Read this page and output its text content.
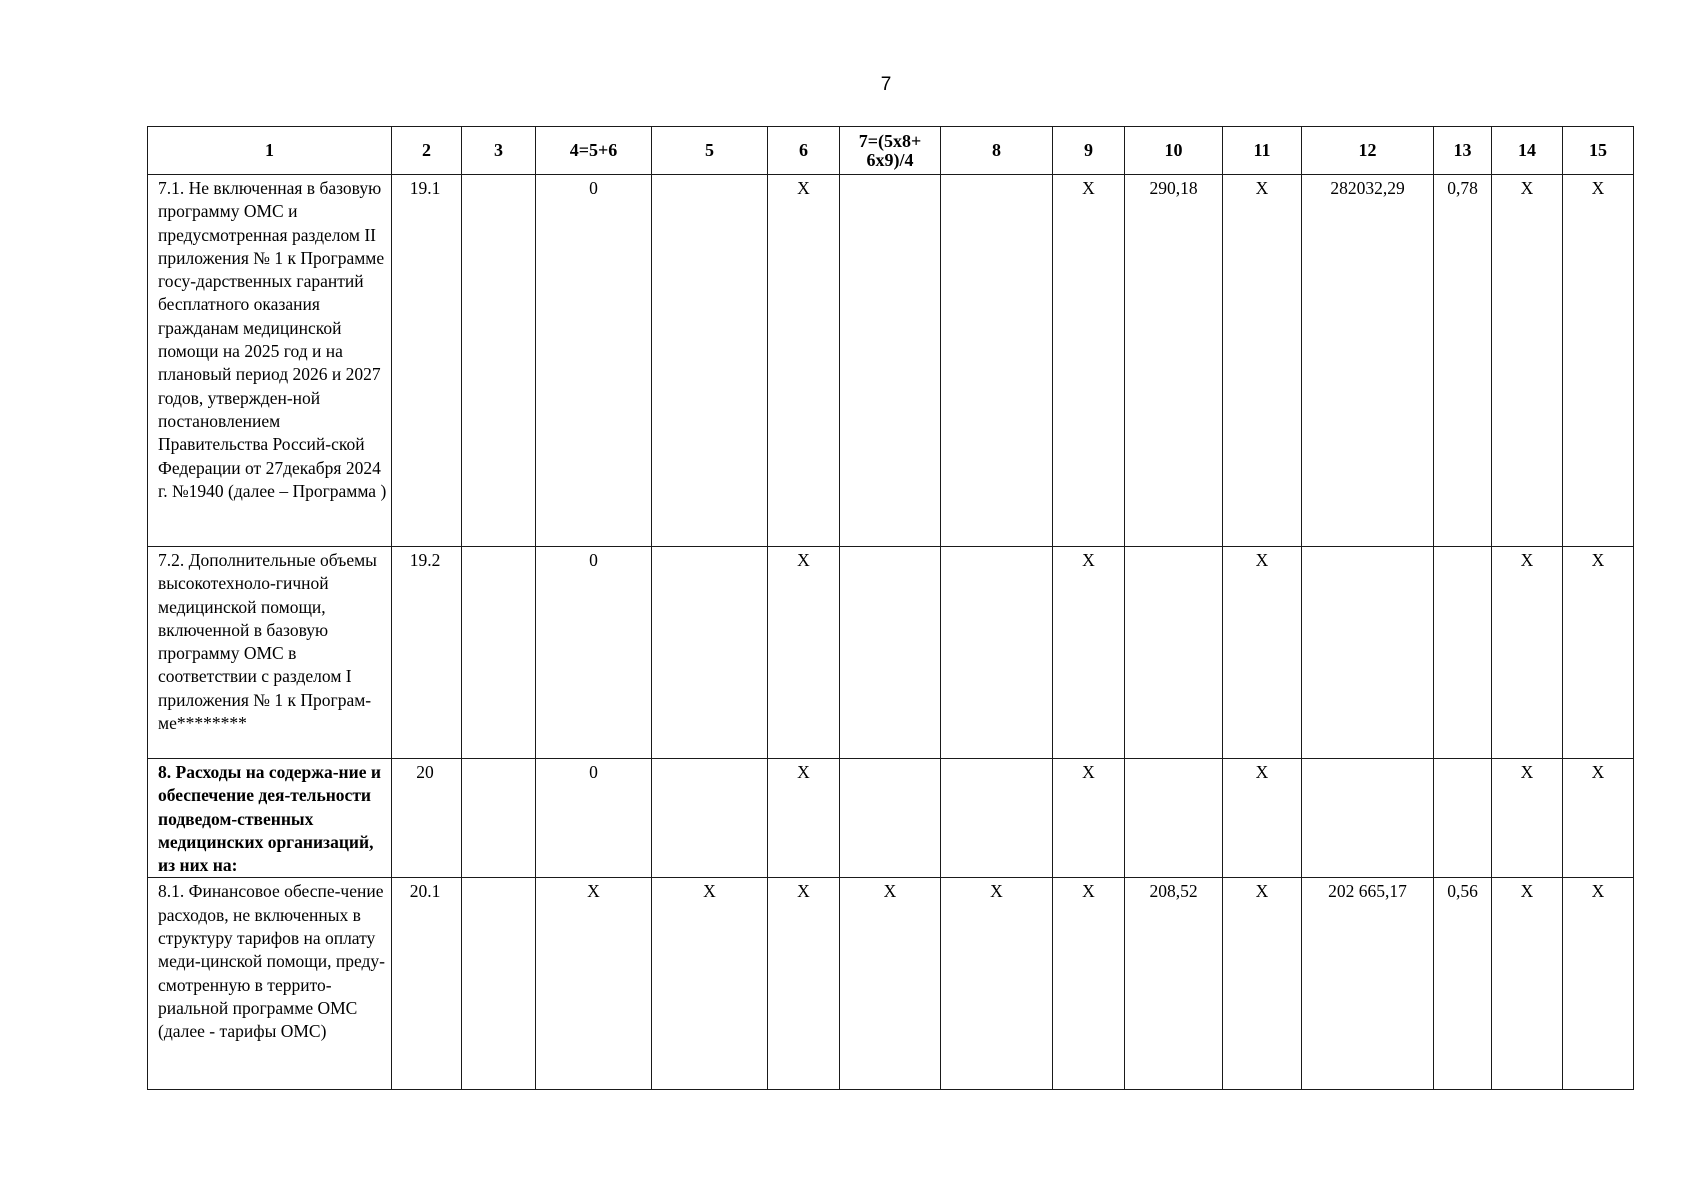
7
1	2	3	4=5+6	5	6	7=(5x8+ 6x9)/4	8	9	10	11	12	13	14	15
7.1. Не включенная в базовую программу ОМС и предусмотренная разделом II приложения № 1 к Программе госу-дарственных гарантий бесплатного оказания гражданам медицинской помощи на 2025 год и на плановый период 2026 и 2027 годов, утвержден-ной постановлением Правительства Россий-ской Федерации от 27декабря 2024 г. №1940 (далее – Программа )	19.1		0		X			X	290,18	X	282032,29	0,78	X	X
7.2. Дополнительные объемы высокотехноло-гичной медицинской помощи, включенной в базовую программу ОМС в соответствии с разделом I приложения № 1 к Програм-ме********	19.2		0		X			X		X			X	X
8. Расходы на содержа-ние и обеспечение дея-тельности подведом-ственных медицинских организаций, из них на:	20		0		X			X		X			X	X
8.1. Финансовое обеспе-чение расходов, не включенных в структуру тарифов на оплату меди-цинской помощи, преду-смотренную в террито-риальной программе ОМС (далее - тарифы ОМС)	20.1		X	X	X	X	X	X	208,52	X	202 665,17	0,56	X	X
